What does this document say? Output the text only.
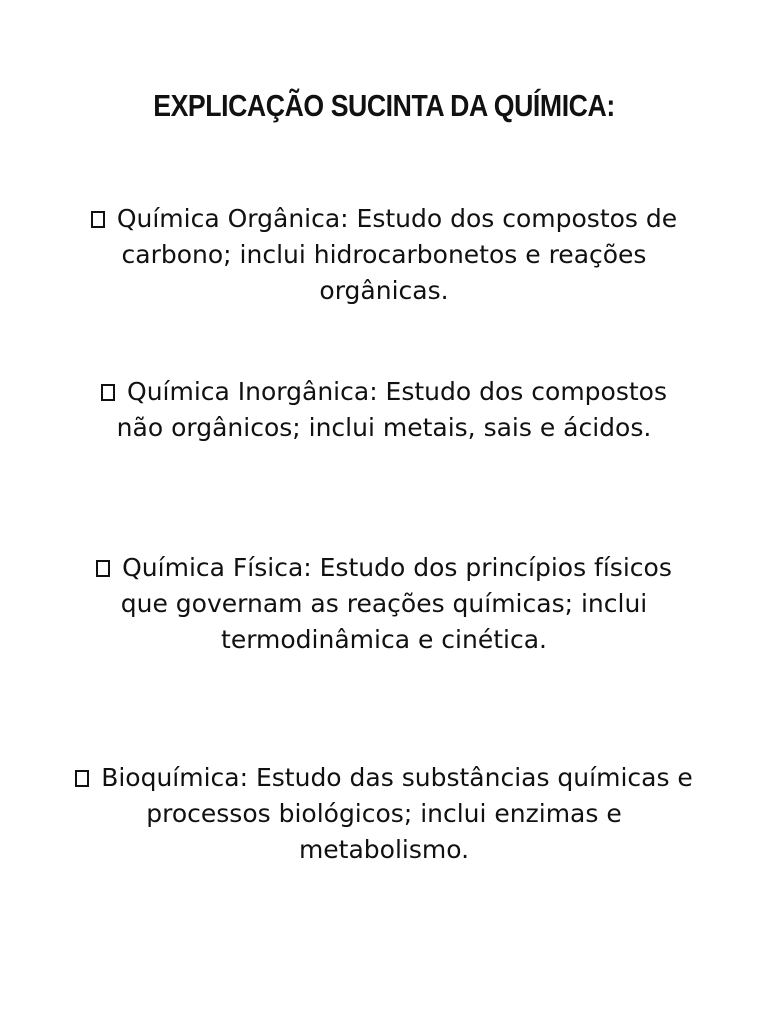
EXPLICAÇÃO SUCINTA DA QUÍMICA:

Química Orgânica: Estudo dos compostos de carbono; inclui hidrocarbonetos e reações orgânicas.

Química Inorgânica: Estudo dos compostos não orgânicos; inclui metais, sais e ácidos.

Química Física: Estudo dos princípios físicos que governam as reações químicas; inclui termodinâmica e cinética.

Bioquímica: Estudo das substâncias químicas e processos biológicos; inclui enzimas e metabolismo.
